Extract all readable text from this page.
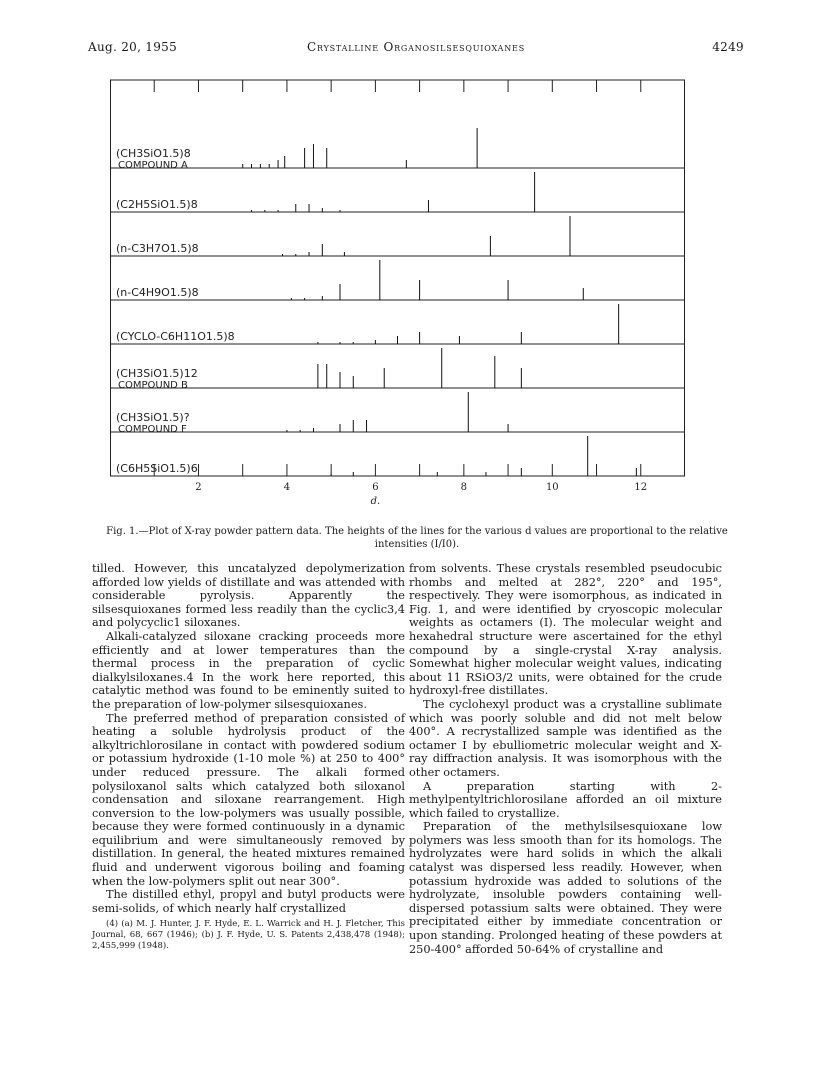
Aug. 20, 1955	Crystalline Organosilsesquioxanes	4249
(CH3SiO1.5)8
COMPOUND A
(C2H5SiO1.5)8
(n-C3H7O1.5)8
(n-C4H9O1.5)8
(CYCLO-C6H11O1.5)8
(CH3SiO1.5)12
COMPOUND B
(CH3SiO1.5)?
COMPOUND F
(C6H5SiO1.5)6
2	4	6	8	10	12
d.
Fig. 1.—Plot of X-ray powder pattern data. The heights of the lines for the various d values are proportional to the relative intensities (I/I0).

tilled. However, this uncatalyzed depolymerization afforded low yields of distillate and was attended with considerable pyrolysis. Apparently the silsesquioxanes formed less readily than the cyclic3,4 and polycyclic1 siloxanes.

Alkali-catalyzed siloxane cracking proceeds more efficiently and at lower temperatures than the thermal process in the preparation of cyclic dialkylsiloxanes.4 In the work here reported, this catalytic method was found to be eminently suited to the preparation of low-polymer silsesquioxanes.

The preferred method of preparation consisted of heating a soluble hydrolysis product of the alkyltrichlorosilane in contact with powdered sodium or potassium hydroxide (1-10 mole %) at 250 to 400° under reduced pressure. The alkali formed polysiloxanol salts which catalyzed both siloxanol condensation and siloxane rearrangement. High conversion to the low-polymers was usually possible, because they were formed continuously in a dynamic equilibrium and were simultaneously removed by distillation. In general, the heated mixtures remained fluid and underwent vigorous boiling and foaming when the low-polymers split out near 300°.

The distilled ethyl, propyl and butyl products were semi-solids, of which nearly half crystallized

(4) (a) M. J. Hunter, J. F. Hyde, E. L. Warrick and H. J. Fletcher, This Journal, 68, 667 (1946); (b) J. F. Hyde, U. S. Patents 2,438,478 (1948); 2,455,999 (1948).

from solvents. These crystals resembled pseudocubic rhombs and melted at 282°, 220° and 195°, respectively. They were isomorphous, as indicated in Fig. 1, and were identified by cryoscopic molecular weights as octamers (I). The molecular weight and hexahedral structure were ascertained for the ethyl compound by a single-crystal X-ray analysis. Somewhat higher molecular weight values, indicating about 11 RSiO3/2 units, were obtained for the crude hydroxyl-free distillates.

The cyclohexyl product was a crystalline sublimate which was poorly soluble and did not melt below 400°. A recrystallized sample was identified as the octamer I by ebulliometric molecular weight and X-ray diffraction analysis. It was isomorphous with the other octamers.

A preparation starting with 2-methylpentyltrichlorosilane afforded an oil mixture which failed to crystallize.

Preparation of the methylsilsesquioxane low polymers was less smooth than for its homologs. The hydrolyzates were hard solids in which the alkali catalyst was dispersed less readily. However, when potassium hydroxide was added to solutions of the hydrolyzate, insoluble powders containing well-dispersed potassium salts were obtained. They were precipitated either by immediate concentration or upon standing. Prolonged heating of these powders at 250-400° afforded 50-64% of crystalline and
